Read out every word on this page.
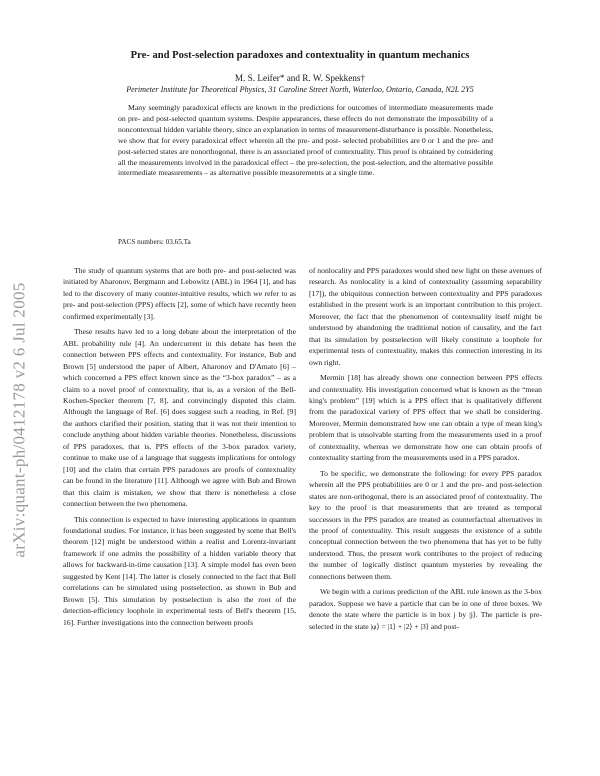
arXiv:quant-ph/0412178 v2 6 Jul 2005
Pre- and Post-selection paradoxes and contextuality in quantum mechanics
M. S. Leifer* and R. W. Spekkens†
Perimeter Institute for Theoretical Physics, 31 Caroline Street North, Waterloo, Ontario, Canada, N2L 2Y5

Many seemingly paradoxical effects are known in the predictions for outcomes of intermediate measurements made on pre- and post-selected quantum systems. Despite appearances, these effects do not demonstrate the impossibility of a noncontextual hidden variable theory, since an explanation in terms of measurement-disturbance is possible. Nonetheless, we show that for every paradoxical effect wherein all the pre- and post- selected probabilities are 0 or 1 and the pre- and post-selected states are nonorthogonal, there is an associated proof of contextuality. This proof is obtained by considering all the measurements involved in the paradoxical effect – the pre-selection, the post-selection, and the alternative possible intermediate measurements – as alternative possible measurements at a single time.

PACS numbers: 03.65.Ta

The study of quantum systems that are both pre- and post-selected was initiated by Aharonov, Bergmann and Lebowitz (ABL) in 1964 [1], and has led to the discovery of many counter-intuitive results, which we refer to as pre- and post-selection (PPS) effects [2], some of which have recently been confirmed experimentally [3].

These results have led to a long debate about the interpretation of the ABL probability rule [4]. An undercurrent in this debate has been the connection between PPS effects and contextuality. For instance, Bub and Brown [5] understood the paper of Albert, Aharonov and D'Amato [6] – which concerned a PPS effect known since as the “3-box paradox” – as a claim to a novel proof of contextuality, that is, as a version of the Bell-Kochen-Specker theorem [7, 8], and convincingly disputed this claim. Although the language of Ref. [6] does suggest such a reading, in Ref. [9] the authors clarified their position, stating that it was not their intention to conclude anything about hidden variable theories. Nonetheless, discussions of PPS paradoxes, that is, PPS effects of the 3-box paradox variety, continue to make use of a language that suggests implications for ontology [10] and the claim that certain PPS paradoxes are proofs of contextuality can be found in the literature [11]. Although we agree with Bub and Brown that this claim is mistaken, we show that there is nonetheless a close connection between the two phenomena.

This connection is expected to have interesting applications in quantum foundational studies. For instance, it has been suggested by some that Bell's theorem [12] might be understood within a realist and Lorentz-invariant framework if one admits the possibility of a hidden variable theory that allows for backward-in-time causation [13]. A simple model has even been suggested by Kent [14]. The latter is closely connected to the fact that Bell correlations can be simulated using postselection, as shown in Bub and Brown [5]. This simulation by postselection is also the root of the detection-efficiency loophole in experimental tests of Bell's theorem [15, 16]. Further investigations into the connection between proofs

of nonlocality and PPS paradoxes would shed new light on these avenues of research. As nonlocality is a kind of contextuality (assuming separability [17]), the ubiquitous connection between contextuality and PPS paradoxes established in the present work is an important contribution to this project. Moreover, the fact that the phenomenon of contextuality itself might be understood by abandoning the traditional notion of causality, and the fact that its simulation by postselection will likely constitute a loophole for experimental tests of contextuality, makes this connection interesting in its own right.

Mermin [18] has already shown one connection between PPS effects and contextuality. His investigation concerned what is known as the “mean king's problem” [19] which is a PPS effect that is qualitatively different from the paradoxical variety of PPS effect that we shall be considering. Moreover, Mermin demonstrated how one can obtain a type of mean king's problem that is unsolvable starting from the measurements used in a proof of contextuality, whereas we demonstrate how one can obtain proofs of contextuality starting from the measurements used in a PPS paradox.

To be specific, we demonstrate the following: for every PPS paradox wherein all the PPS probabilities are 0 or 1 and the pre- and post-selection states are non-orthogonal, there is an associated proof of contextuality. The key to the proof is that measurements that are treated as temporal successors in the PPS paradox are treated as counterfactual alternatives in the proof of contextuality. This result suggests the existence of a subtle conceptual connection between the two phenomena that has yet to be fully understood. Thus, the present work contributes to the project of reducing the number of logically distinct quantum mysteries by revealing the connections between them.

We begin with a curious prediction of the ABL rule known as the 3-box paradox. Suppose we have a particle that can be in one of three boxes. We denote the state where the particle is in box j by |j⟩. The particle is pre-selected in the state |φ⟩ = |1⟩ + |2⟩ + |3⟩ and post-
